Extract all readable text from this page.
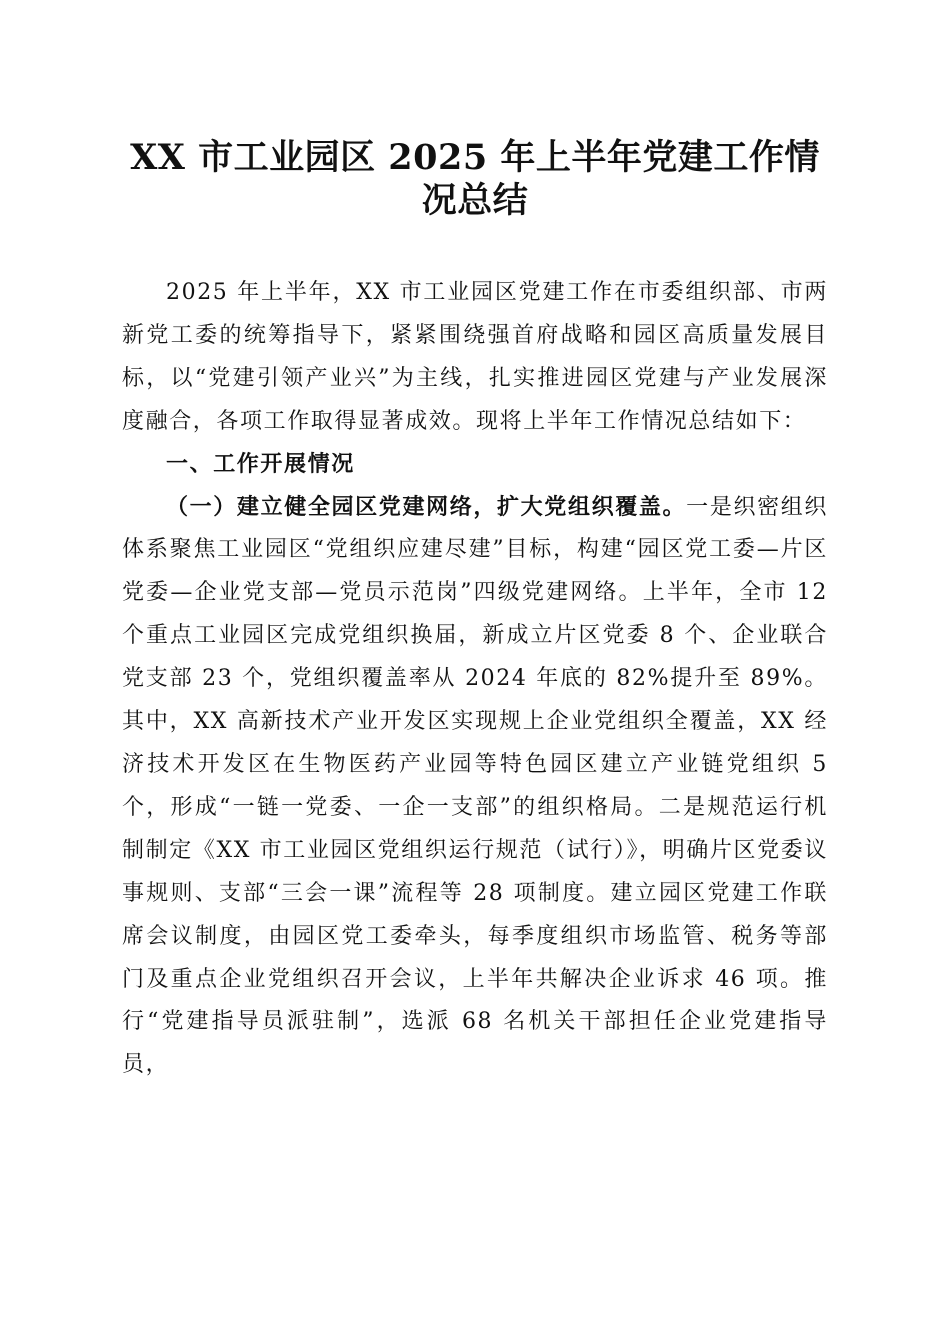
XX 市工业园区 2025 年上半年党建工作情况总结

2025 年上半年，XX 市工业园区党建工作在市委组织部、市两新党工委的统筹指导下，紧紧围绕强首府战略和园区高质量发展目标，以“党建引领产业兴”为主线，扎实推进园区党建与产业发展深度融合，各项工作取得显著成效。现将上半年工作情况总结如下：

一、工作开展情况

（一）建立健全园区党建网络，扩大党组织覆盖。一是织密组织体系聚焦工业园区“党组织应建尽建”目标，构建“园区党工委—片区党委—企业党支部—党员示范岗”四级党建网络。上半年，全市 12 个重点工业园区完成党组织换届，新成立片区党委 8 个、企业联合党支部 23 个，党组织覆盖率从 2024 年底的 82%提升至 89%。其中，XX 高新技术产业开发区实现规上企业党组织全覆盖，XX 经济技术开发区在生物医药产业园等特色园区建立产业链党组织 5 个，形成“一链一党委、一企一支部”的组织格局。二是规范运行机制制定《XX 市工业园区党组织运行规范（试行）》，明确片区党委议事规则、支部“三会一课”流程等 28 项制度。建立园区党建工作联席会议制度，由园区党工委牵头，每季度组织市场监管、税务等部门及重点企业党组织召开会议，上半年共解决企业诉求 46 项。推行“党建指导员派驻制”，选派 68 名机关干部担任企业党建指导员，
